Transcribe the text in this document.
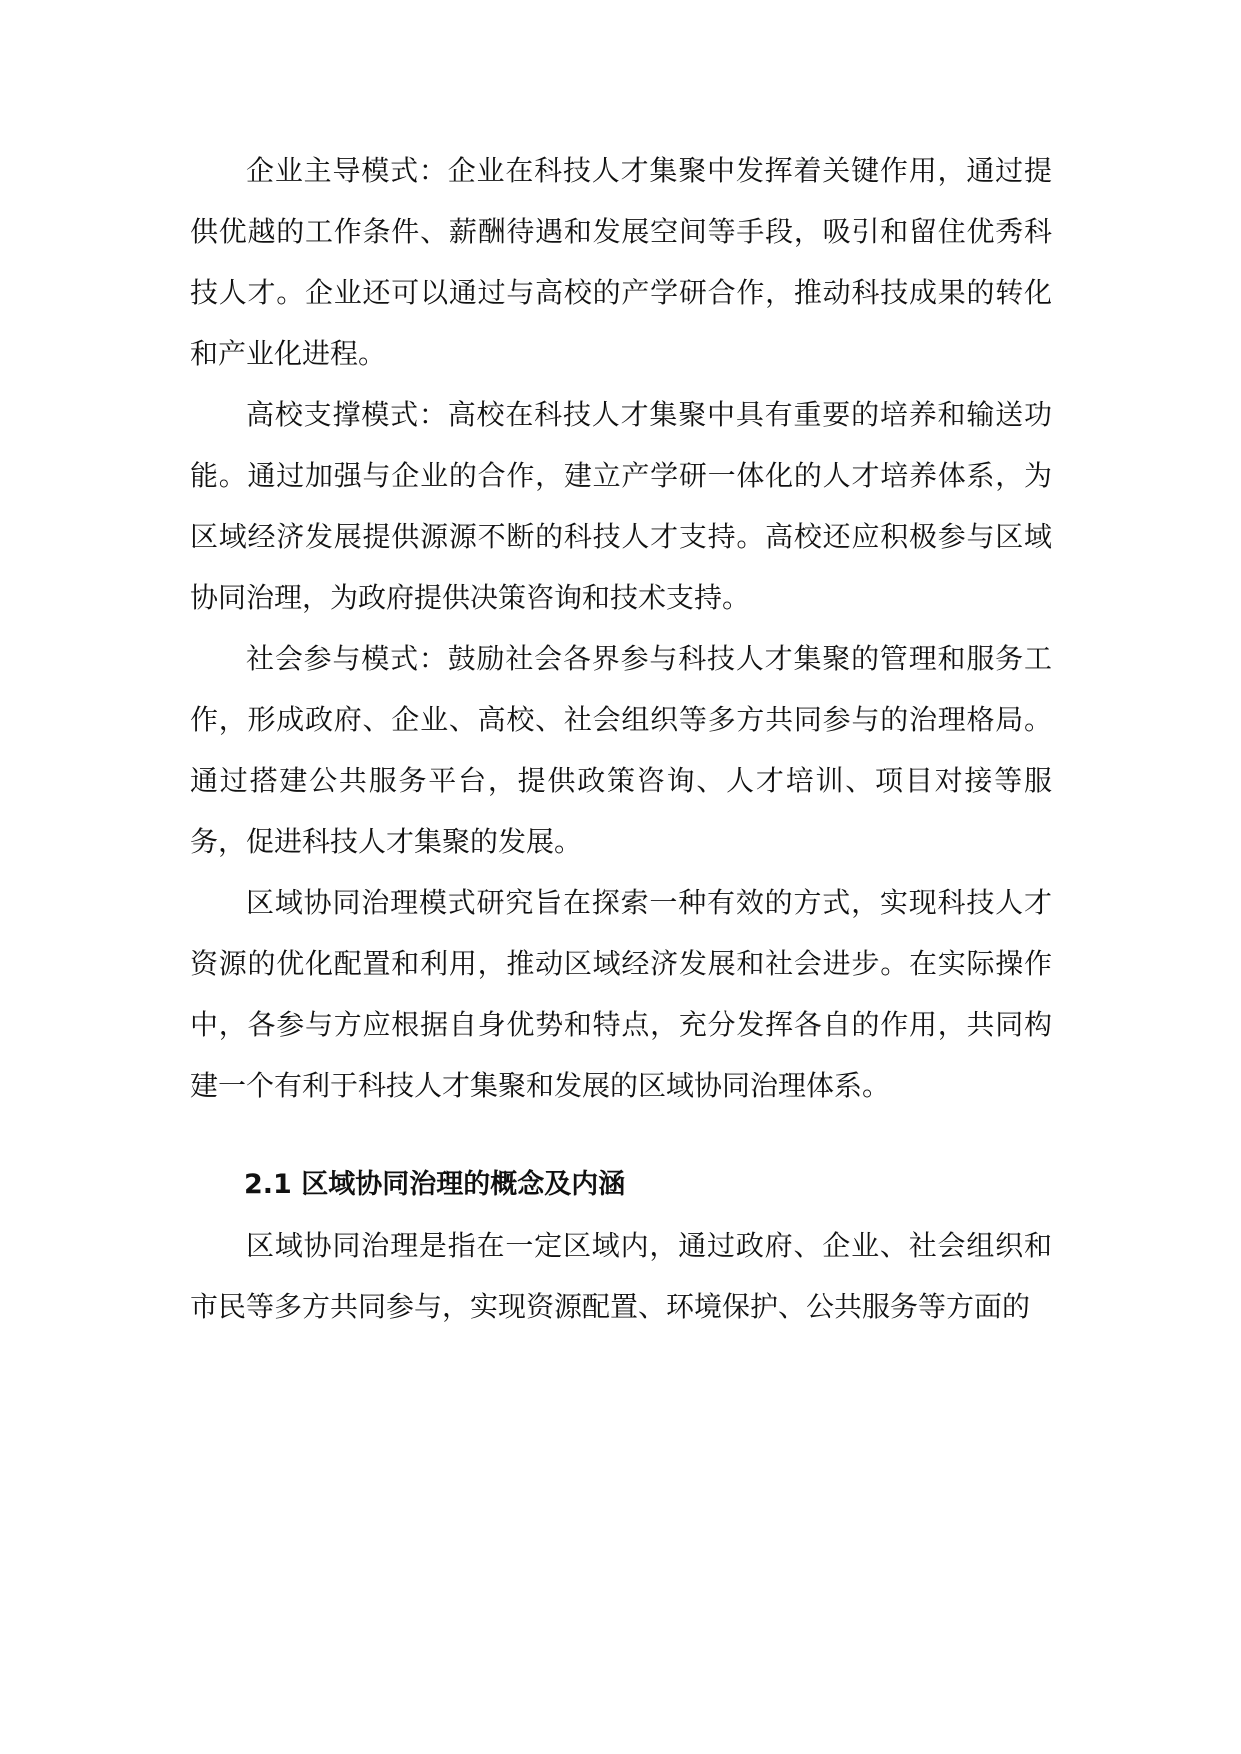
企业主导模式：企业在科技人才集聚中发挥着关键作用，通过提供优越的工作条件、薪酬待遇和发展空间等手段，吸引和留住优秀科技人才。企业还可以通过与高校的产学研合作，推动科技成果的转化和产业化进程。

高校支撑模式：高校在科技人才集聚中具有重要的培养和输送功能。通过加强与企业的合作，建立产学研一体化的人才培养体系，为区域经济发展提供源源不断的科技人才支持。高校还应积极参与区域协同治理，为政府提供决策咨询和技术支持。

社会参与模式：鼓励社会各界参与科技人才集聚的管理和服务工作，形成政府、企业、高校、社会组织等多方共同参与的治理格局。通过搭建公共服务平台，提供政策咨询、人才培训、项目对接等服务，促进科技人才集聚的发展。

区域协同治理模式研究旨在探索一种有效的方式，实现科技人才资源的优化配置和利用，推动区域经济发展和社会进步。在实际操作中，各参与方应根据自身优势和特点，充分发挥各自的作用，共同构建一个有利于科技人才集聚和发展的区域协同治理体系。

2.1 区域协同治理的概念及内涵

区域协同治理是指在一定区域内，通过政府、企业、社会组织和市民等多方共同参与，实现资源配置、环境保护、公共服务等方面的
